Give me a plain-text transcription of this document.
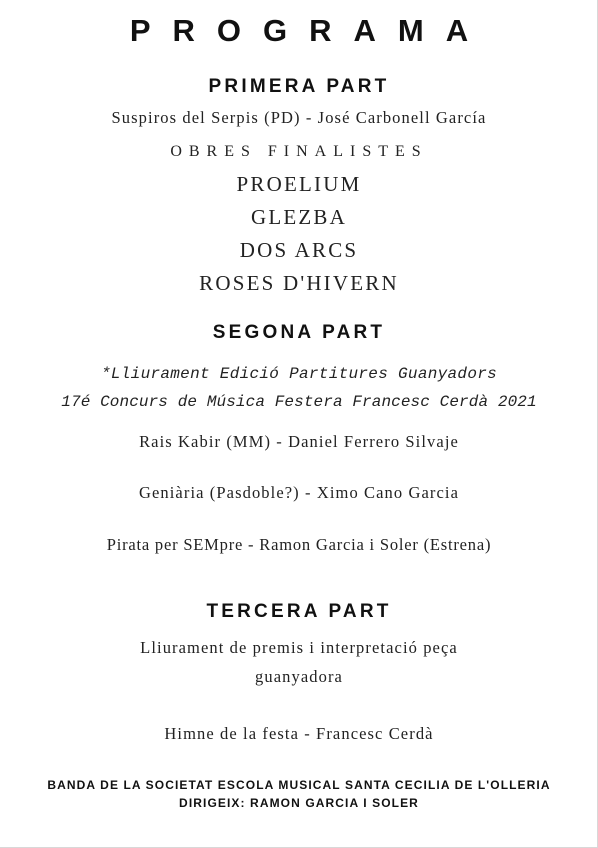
PROGRAMA
PRIMERA PART
Suspiros del Serpis (PD) - José Carbonell García
OBRES FINALISTES
PROELIUM
GLEZBA
DOS ARCS
ROSES D'HIVERN
SEGONA PART
*Lliurament Edició Partitures Guanyadors
17é Concurs de Música Festera Francesc Cerdà 2021
Rais Kabir (MM) - Daniel Ferrero Silvaje
Geniària (Pasdoble?) - Ximo Cano Garcia
Pirata per SEMpre - Ramon Garcia i Soler (Estrena)
TERCERA PART
Lliurament de premis i interpretació peça
guanyadora
Himne de la festa - Francesc Cerdà
BANDA DE LA SOCIETAT ESCOLA MUSICAL SANTA CECILIA DE L'OLLERIA
DIRIGEIX: RAMON GARCIA I SOLER
